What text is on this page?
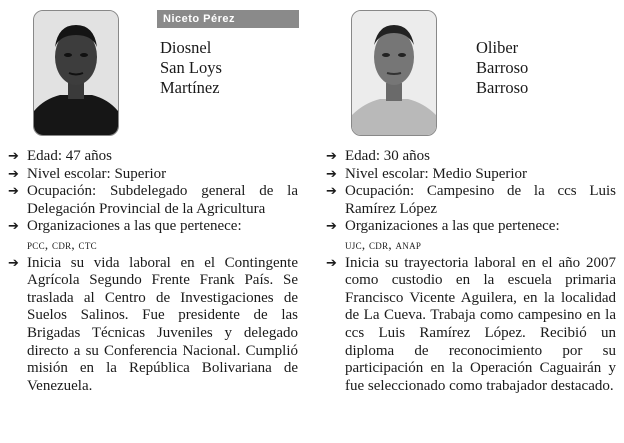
Niceto Pérez
Diosnel
San Loys
Martínez
➔ Edad: 47 años
➔ Nivel escolar: Superior
➔ Ocupación: Subdelegado general de la Delegación Provincial de la Agricultura
➔ Organizaciones a las que pertenece:
pcc, cdr, ctc
➔ Inicia su vida laboral en el Contingente Agrícola Segundo Frente Frank País. Se traslada al Centro de Investigaciones de Suelos Salinos. Fue presidente de las Brigadas Técnicas Juveniles y delegado directo a su Conferencia Nacional. Cumplió misión en la República Bolivariana de Venezuela.
Oliber
Barroso
Barroso
➔ Edad: 30 años
➔ Nivel escolar: Medio Superior
➔ Ocupación: Campesino de la ccs Luis Ramírez López
➔ Organizaciones a las que pertenece:
ujc, cdr, anap
➔ Inicia su trayectoria laboral en el año 2007 como custodio en la escuela primaria Francisco Vicente Aguilera, en la localidad de La Cueva. Trabaja como campesino en la ccs Luis Ramírez López. Recibió un diploma de reconocimiento por su participación en la Operación Caguairán y fue seleccionado como trabajador destacado.
